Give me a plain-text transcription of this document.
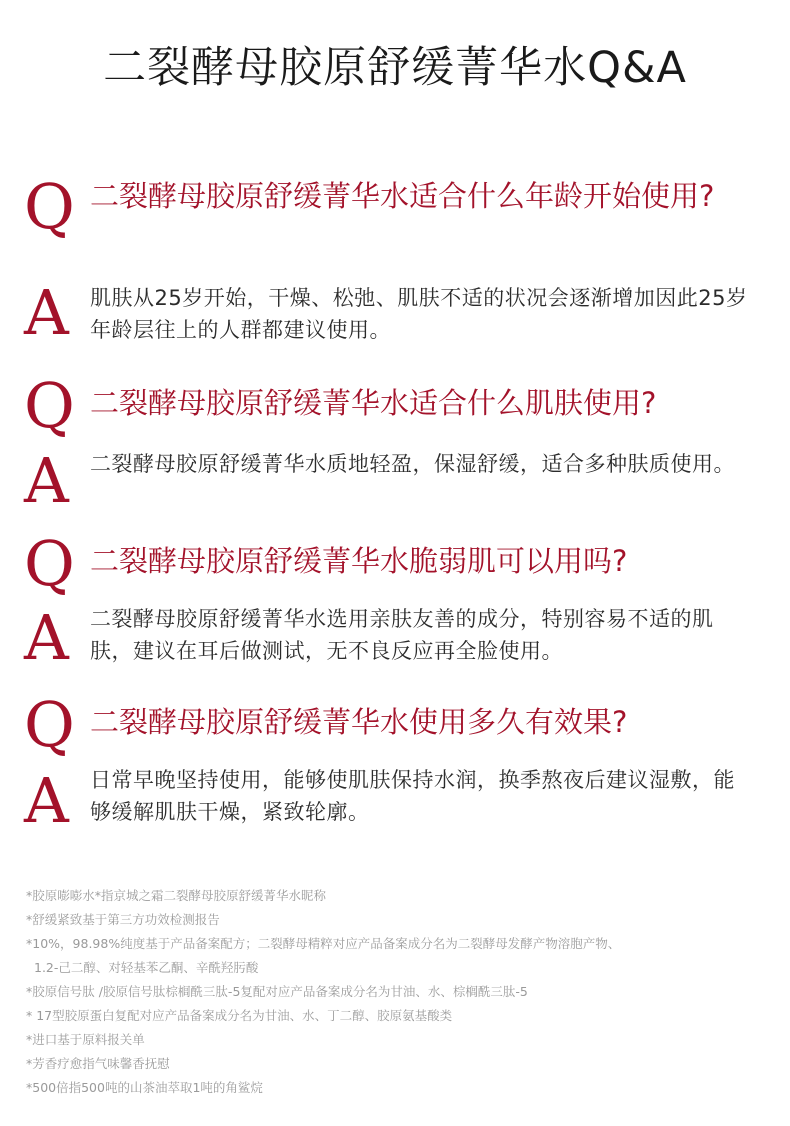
二裂酵母胶原舒缓菁华水Q&A
Q 二裂酵母胶原舒缓菁华水适合什么年龄开始使用?
A 肌肤从25岁开始，干燥、松弛、肌肤不适的状况会逐渐增加因此25岁年龄层往上的人群都建议使用。
Q 二裂酵母胶原舒缓菁华水适合什么肌肤使用?
A 二裂酵母胶原舒缓菁华水质地轻盈，保湿舒缓，适合多种肤质使用。
Q 二裂酵母胶原舒缓菁华水脆弱肌可以用吗?
A 二裂酵母胶原舒缓菁华水选用亲肤友善的成分，特别容易不适的肌肤，建议在耳后做测试，无不良反应再全脸使用。
Q 二裂酵母胶原舒缓菁华水使用多久有效果?
A 日常早晚坚持使用，能够使肌肤保持水润，换季熬夜后建议湿敷，能够缓解肌肤干燥，紧致轮廓。
*胶原嘭嘭水*指京城之霜二裂酵母胶原舒缓菁华水昵称
*舒缓紧致基于第三方功效检测报告
*10%，98.98%纯度基于产品备案配方；二裂酵母精粹对应产品备案成分名为二裂酵母发酵产物溶胞产物、
1.2-己二醇、对轻基苯乙酮、辛酰羟肟酸
*胶原信号肽 /胶原信号肽棕榈酰三肽-5复配对应产品备案成分名为甘油、水、棕榈酰三肽-5
* 17型胶原蛋白复配对应产品备案成分名为甘油、水、丁二醇、胶原氨基酸类
*进口基于原料报关单
*芳香疗愈指气味馨香抚慰
*500倍指500吨的山茶油萃取1吨的角鲨烷
